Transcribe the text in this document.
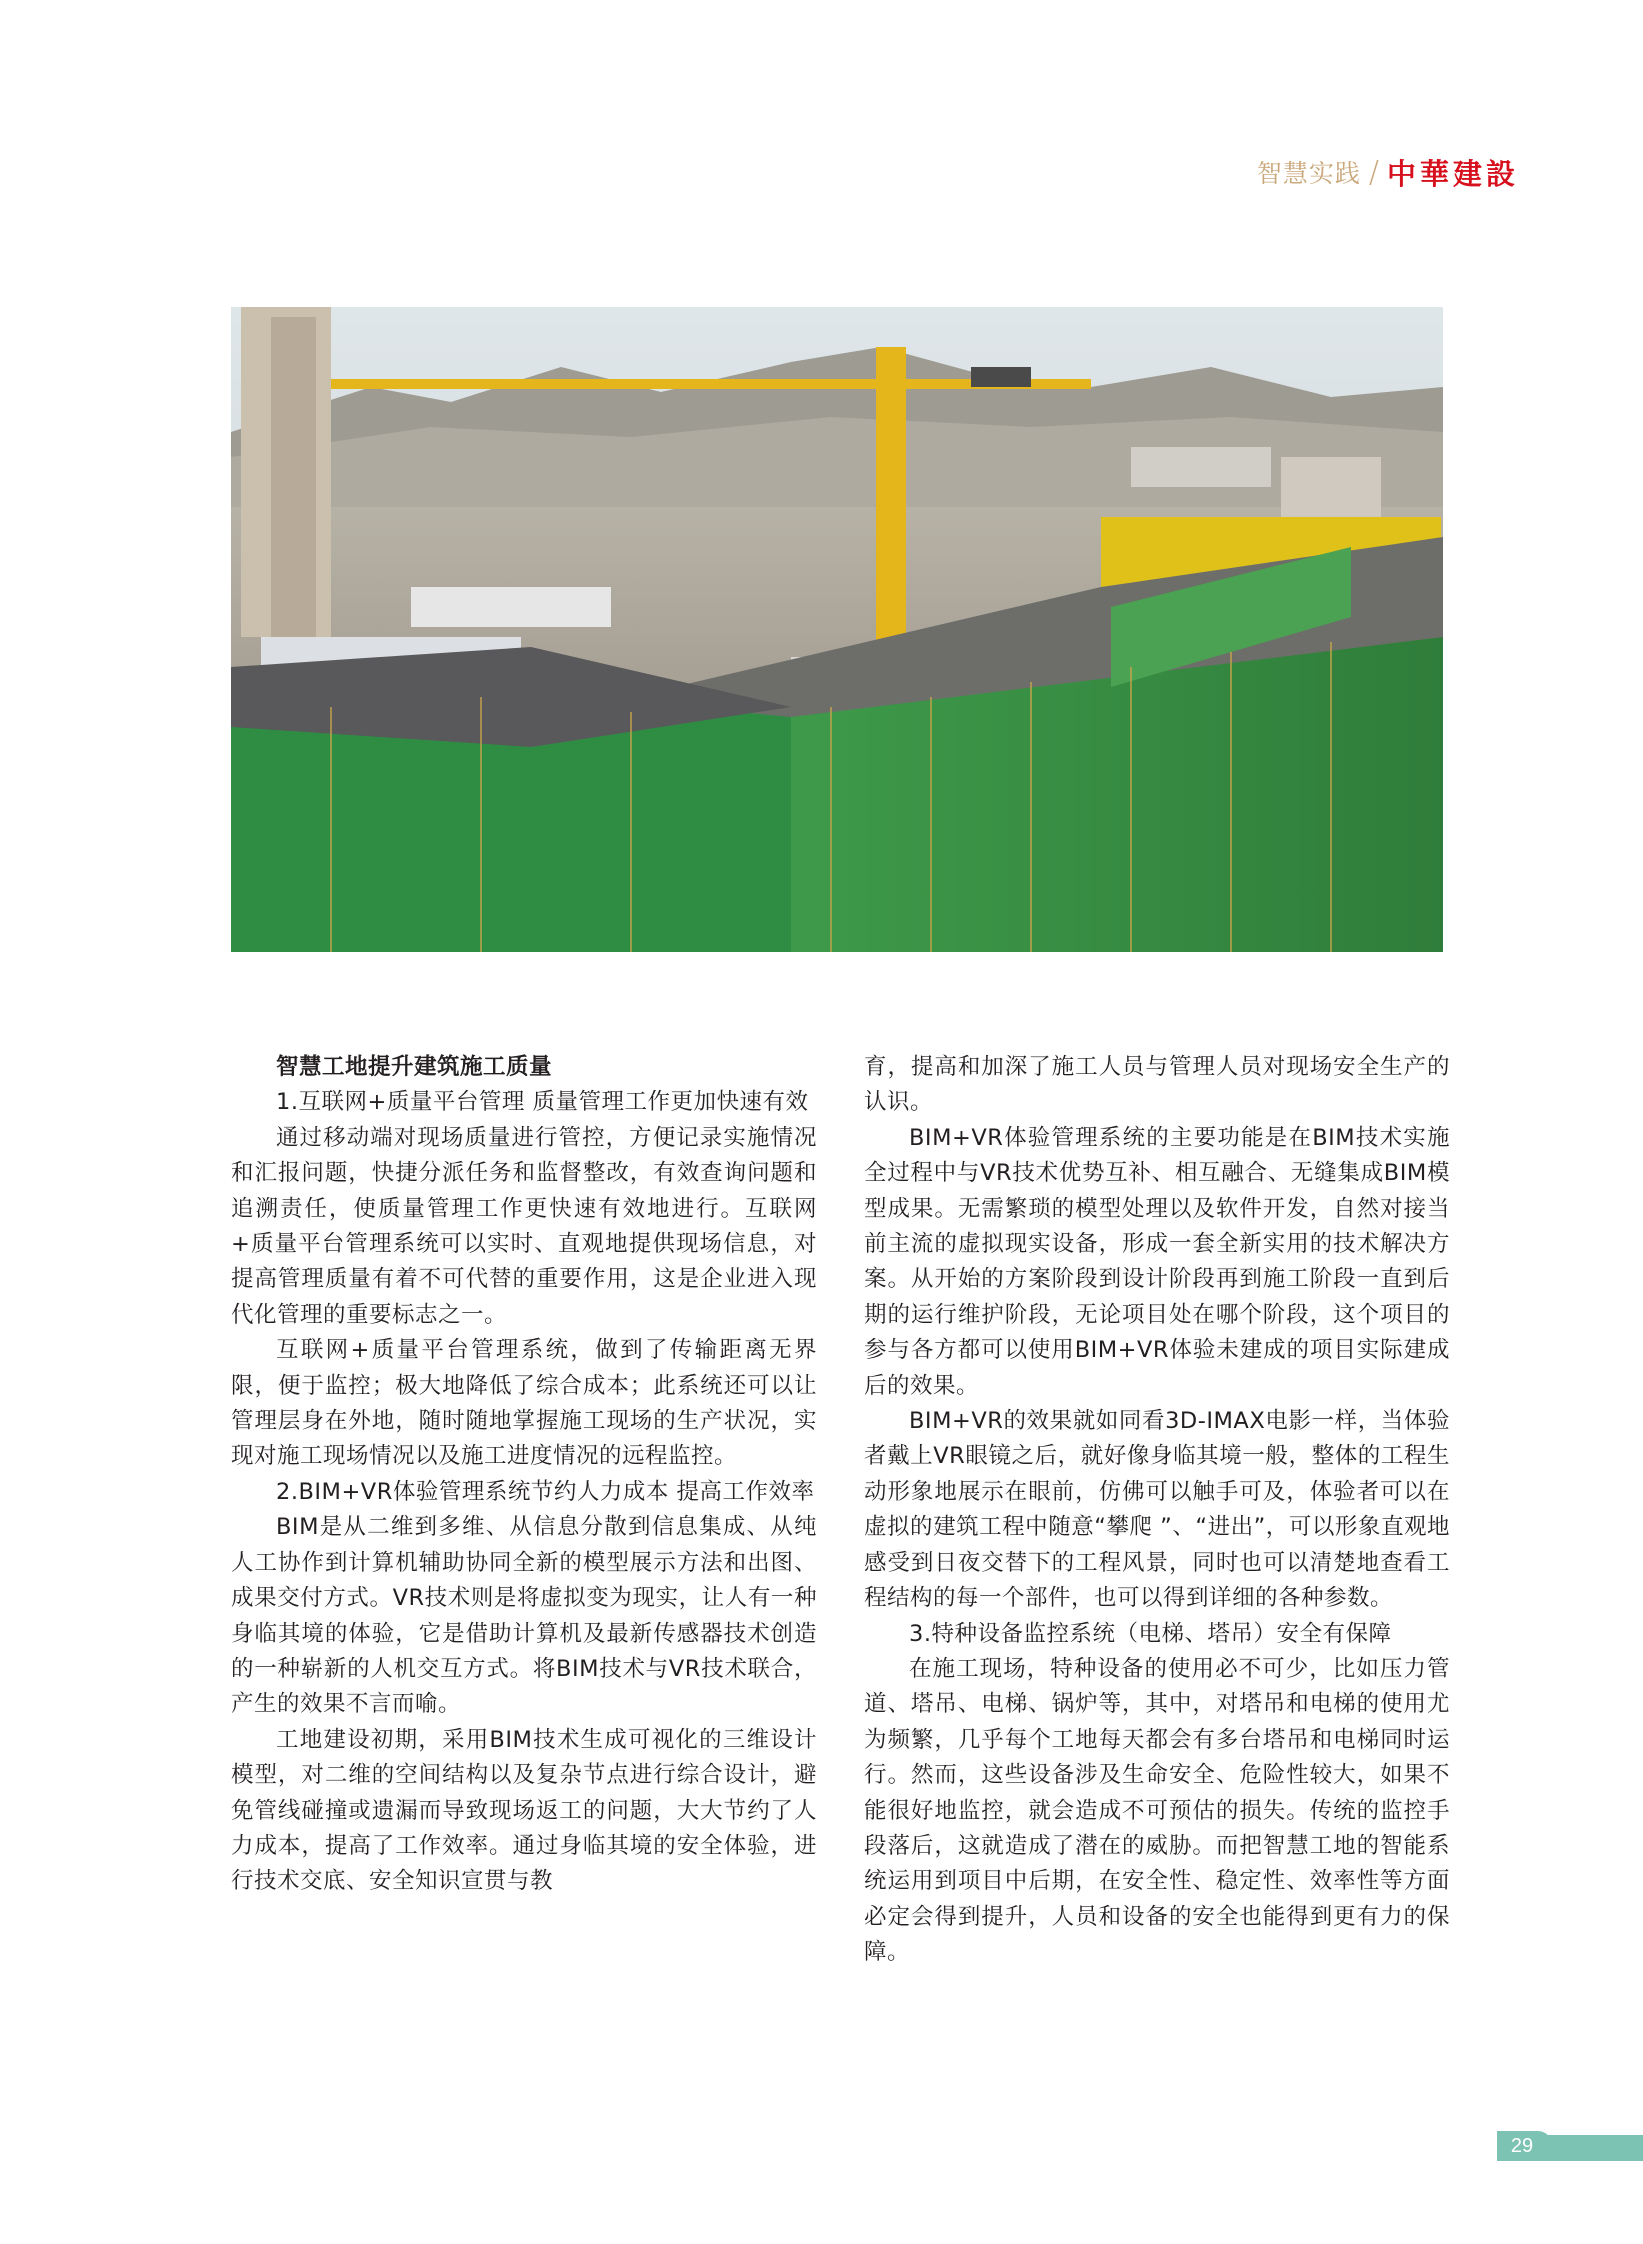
智慧实践 / 中華建設

智慧工地提升建筑施工质量

1.互联网+质量平台管理 质量管理工作更加快速有效

通过移动端对现场质量进行管控，方便记录实施情况和汇报问题，快捷分派任务和监督整改，有效查询问题和追溯责任，使质量管理工作更快速有效地进行。互联网+质量平台管理系统可以实时、直观地提供现场信息，对提高管理质量有着不可代替的重要作用，这是企业进入现代化管理的重要标志之一。

互联网+质量平台管理系统，做到了传输距离无界限，便于监控；极大地降低了综合成本；此系统还可以让管理层身在外地，随时随地掌握施工现场的生产状况，实现对施工现场情况以及施工进度情况的远程监控。

2.BIM+VR体验管理系统节约人力成本 提高工作效率

BIM是从二维到多维、从信息分散到信息集成、从纯人工协作到计算机辅助协同全新的模型展示方法和出图、成果交付方式。VR技术则是将虚拟变为现实，让人有一种身临其境的体验，它是借助计算机及最新传感器技术创造的一种崭新的人机交互方式。将BIM技术与VR技术联合，产生的效果不言而喻。

工地建设初期，采用BIM技术生成可视化的三维设计模型，对二维的空间结构以及复杂节点进行综合设计，避免管线碰撞或遗漏而导致现场返工的问题，大大节约了人力成本，提高了工作效率。通过身临其境的安全体验，进行技术交底、安全知识宣贯与教

育，提高和加深了施工人员与管理人员对现场安全生产的认识。

BIM+VR体验管理系统的主要功能是在BIM技术实施全过程中与VR技术优势互补、相互融合、无缝集成BIM模型成果。无需繁琐的模型处理以及软件开发，自然对接当前主流的虚拟现实设备，形成一套全新实用的技术解决方案。从开始的方案阶段到设计阶段再到施工阶段一直到后期的运行维护阶段，无论项目处在哪个阶段，这个项目的参与各方都可以使用BIM+VR体验未建成的项目实际建成后的效果。

BIM+VR的效果就如同看3D-IMAX电影一样，当体验者戴上VR眼镜之后，就好像身临其境一般，整体的工程生动形象地展示在眼前，仿佛可以触手可及，体验者可以在虚拟的建筑工程中随意“攀爬 ”、“进出”，可以形象直观地感受到日夜交替下的工程风景，同时也可以清楚地查看工程结构的每一个部件，也可以得到详细的各种参数。

3.特种设备监控系统（电梯、塔吊）安全有保障

在施工现场，特种设备的使用必不可少，比如压力管道、塔吊、电梯、锅炉等，其中，对塔吊和电梯的使用尤为频繁，几乎每个工地每天都会有多台塔吊和电梯同时运行。然而，这些设备涉及生命安全、危险性较大，如果不能很好地监控，就会造成不可预估的损失。传统的监控手段落后，这就造成了潜在的威胁。而把智慧工地的智能系统运用到项目中后期，在安全性、稳定性、效率性等方面必定会得到提升，人员和设备的安全也能得到更有力的保障。

29
